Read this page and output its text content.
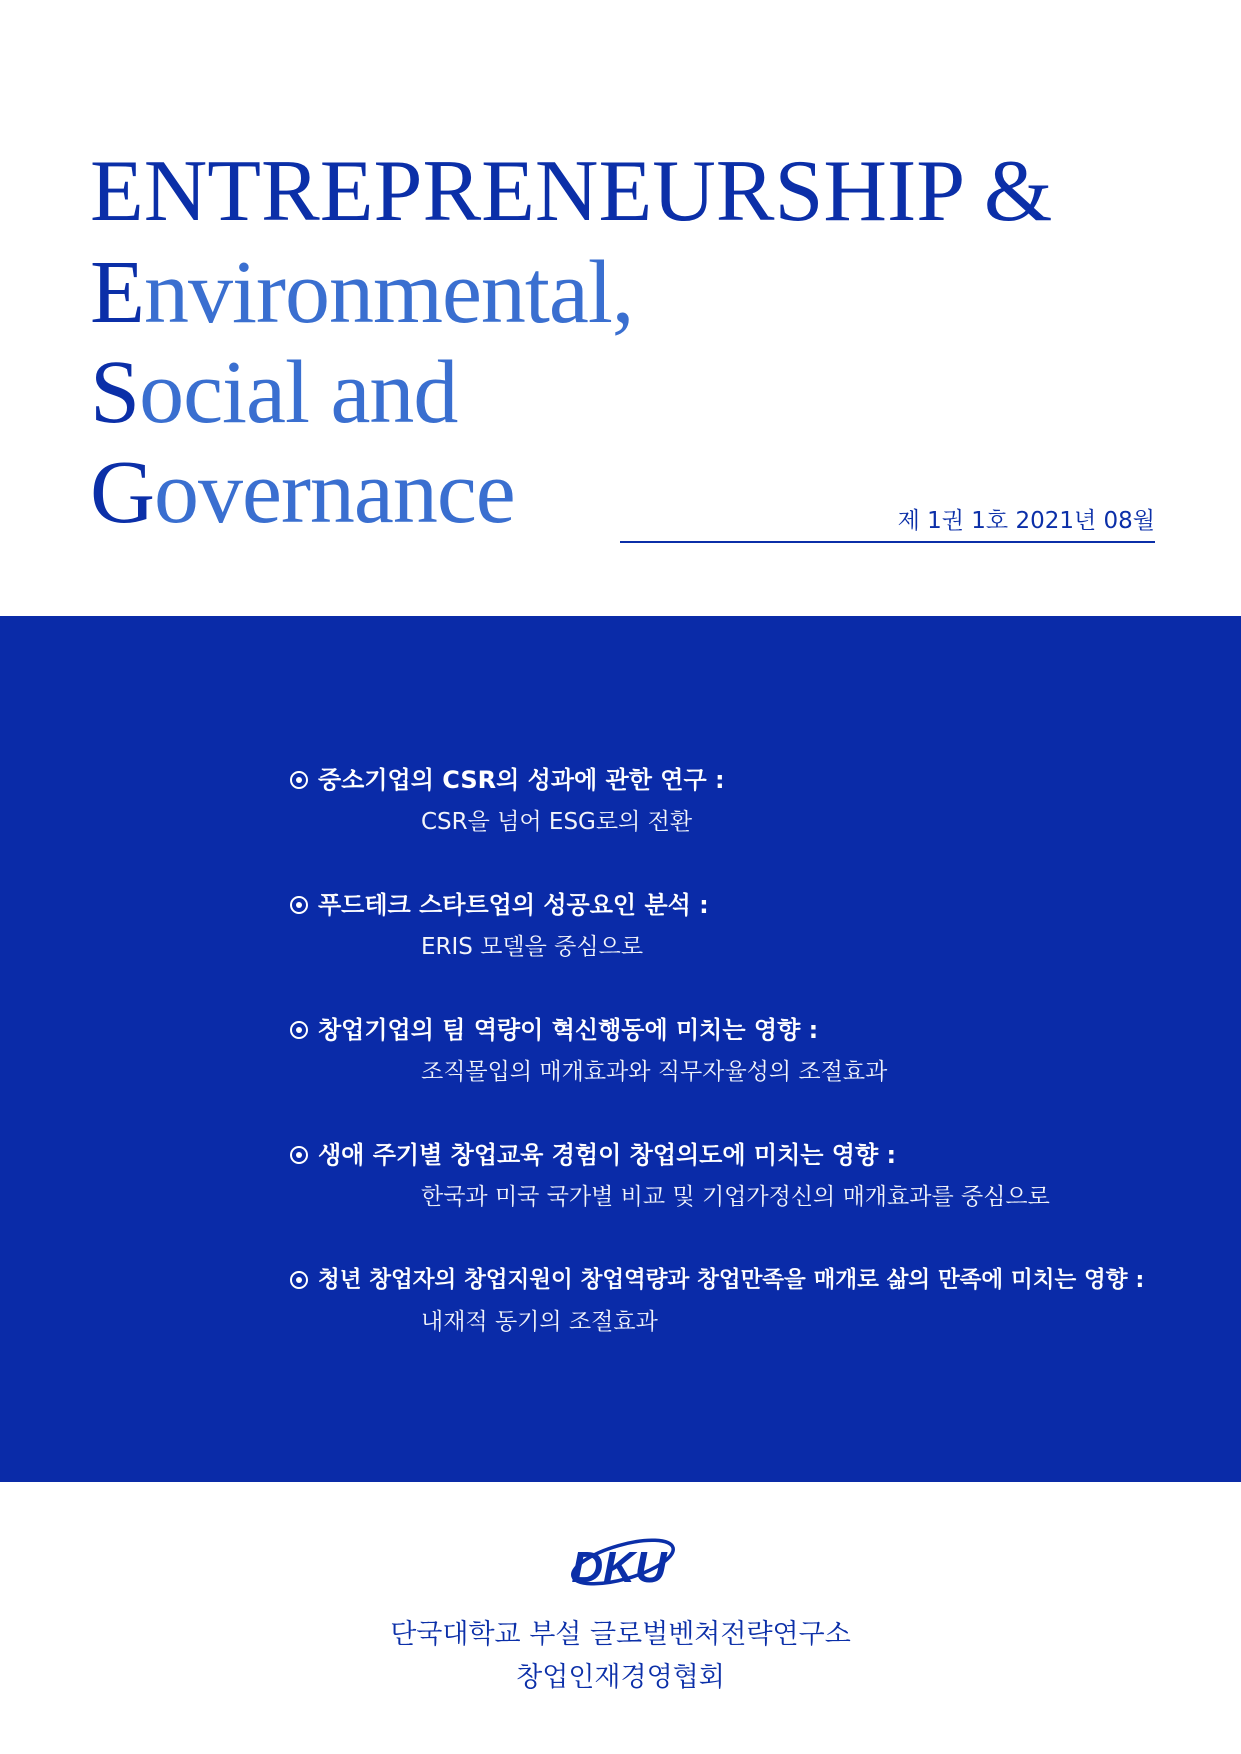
ENTREPRENEURSHIP &
Environmental,
Social and
Governance	제 1권 1호 2021년 08월
중소기업의 CSR의 성과에 관한 연구 :
CSR을 넘어 ESG로의 전환
푸드테크 스타트업의 성공요인 분석 :
ERIS 모델을 중심으로
창업기업의 팀 역량이 혁신행동에 미치는 영향 :
조직몰입의 매개효과와 직무자율성의 조절효과
생애 주기별 창업교육 경험이 창업의도에 미치는 영향 :
한국과 미국 국가별 비교 및 기업가정신의 매개효과를 중심으로
청년 창업자의 창업지원이 창업역량과 창업만족을 매개로 삶의 만족에 미치는 영향 :
내재적 동기의 조절효과
DKU
단국대학교 부설 글로벌벤쳐전략연구소
창업인재경영협회
